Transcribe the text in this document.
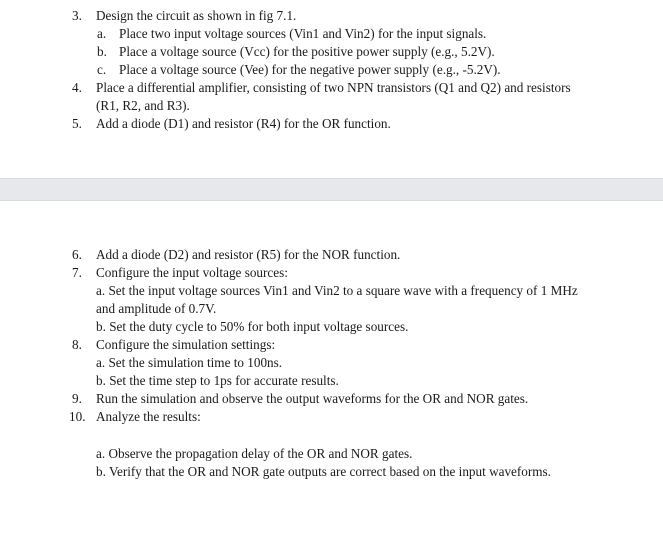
3. Design the circuit as shown in fig 7.1.
a. Place two input voltage sources (Vin1 and Vin2) for the input signals.
b. Place a voltage source (Vcc) for the positive power supply (e.g., 5.2V).
c. Place a voltage source (Vee) for the negative power supply (e.g., -5.2V).
4. Place a differential amplifier, consisting of two NPN transistors (Q1 and Q2) and resistors
(R1, R2, and R3).
5. Add a diode (D1) and resistor (R4) for the OR function.
6. Add a diode (D2) and resistor (R5) for the NOR function.
7. Configure the input voltage sources:
a. Set the input voltage sources Vin1 and Vin2 to a square wave with a frequency of 1 MHz
and amplitude of 0.7V.
b. Set the duty cycle to 50% for both input voltage sources.
8. Configure the simulation settings:
a. Set the simulation time to 100ns.
b. Set the time step to 1ps for accurate results.
9. Run the simulation and observe the output waveforms for the OR and NOR gates.
10. Analyze the results:
a. Observe the propagation delay of the OR and NOR gates.
b. Verify that the OR and NOR gate outputs are correct based on the input waveforms.
